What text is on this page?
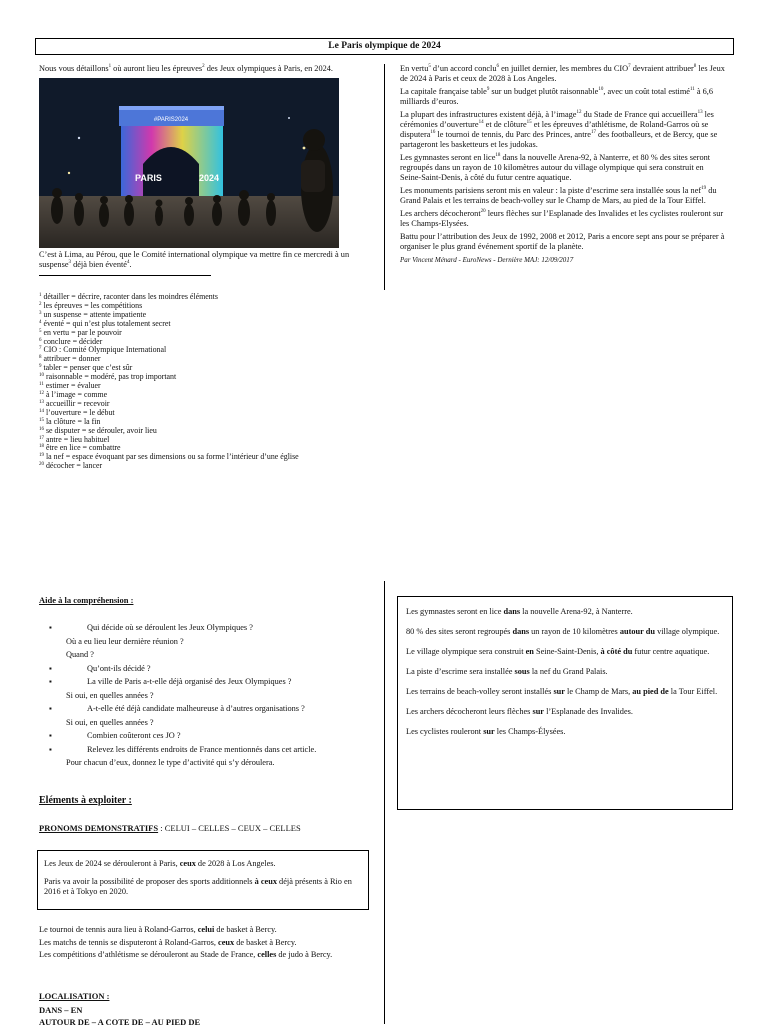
Le Paris olympique de 2024
Nous vous détaillons$^1$ où auront lieu les épreuves$^2$ des Jeux olympiques à Paris, en 2024.
#PARIS2024
PARIS	2024
C’est à Lima, au Pérou, que le Comité international olympique va mettre fin ce mercredi à un suspense$^3$ déjà bien éventé$^4$.
$^1$ détailler = décrire, raconter dans les moindres éléments
$^2$ les épreuves = les compétitions
$^3$ un suspense = attente impatiente
$^4$ éventé = qui n’est plus totalement secret
$^5$ en vertu = par le pouvoir
$^6$ conclure = décider
$^7$ CIO : Comité Olympique International
$^8$ attribuer = donner
$^9$ tabler = penser que c’est sûr
$^{10}$ raisonnable = modéré, pas trop important
$^{11}$ estimer = évaluer
$^{12}$ à l’image = comme
$^{13}$ accueillir = recevoir
$^{14}$ l’ouverture = le début
$^{15}$ la clôture = la fin
$^{16}$ se disputer = se dérouler, avoir lieu
$^{17}$ antre = lieu habituel
$^{18}$ être en lice = combattre
$^{19}$ la nef = espace évoquant par ses dimensions ou sa forme l’intérieur d’une église
$^{20}$ décocher = lancer

En vertu$^5$ d’un accord conclu$^6$ en juillet dernier, les membres du CIO$^7$ devraient attribuer$^8$ les Jeux de 2024 à Paris et ceux de 2028 à Los Angeles.

La capitale française table$^9$ sur un budget plutôt raisonnable$^{10}$, avec un coût total estimé$^{11}$ à 6,6 milliards d’euros.

La plupart des infrastructures existent déjà, à l’image$^{12}$ du Stade de France qui accueillera$^{13}$ les cérémonies d’ouverture$^{14}$ et de clôture$^{15}$ et les épreuves d’athlétisme, de Roland-Garros où se disputera$^{16}$ le tournoi de tennis, du Parc des Princes, antre$^{17}$ des footballeurs, et de Bercy, que se partageront les basketteurs et les judokas.

Les gymnastes seront en lice$^{18}$ dans la nouvelle Arena-92, à Nanterre, et 80 % des sites seront regroupés dans un rayon de 10 kilomètres autour du village olympique qui sera construit en Seine-Saint-Denis, à côté du futur centre aquatique.

Les monuments parisiens seront mis en valeur : la piste d’escrime sera installée sous la nef$^{19}$ du Grand Palais et les terrains de beach-volley sur le Champ de Mars, au pied de la Tour Eiffel.

Les archers décocheront$^{20}$ leurs flèches sur l’Esplanade des Invalides et les cyclistes rouleront sur les Champs-Elysées.

Battu pour l’attribution des Jeux de 1992, 2008 et 2012, Paris a encore sept ans pour se préparer à organiser le plus grand événement sportif de la planète.

Par Vincent Ménard - EuroNews - Dernière MAJ: 12/09/2017
Aide à la compréhension :
▪	Qui décide où se déroulent les Jeux Olympiques ?
Où a eu lieu leur dernière réunion ?
Quand ?
▪	Qu’ont-ils décidé ?
▪	La ville de Paris a-t-elle déjà organisé des Jeux Olympiques ?
Si oui, en quelles années ?
▪	A-t-elle été déjà candidate malheureuse à d’autres organisations ?
Si oui, en quelles années ?
▪	Combien coûteront ces JO ?
▪	Relevez les différents endroits de France mentionnés dans cet article.
Pour chacun d’eux, donnez le type d’activité qui s’y déroulera.
Eléments à exploiter :
PRONOMS DEMONSTRATIFS : CELUI – CELLES – CEUX – CELLES

Les Jeux de 2024 se dérouleront à Paris, ceux de 2028 à Los Angeles.

Paris va avoir la possibilité de proposer des sports additionnels à ceux déjà présents à Rio en 2016 et à Tokyo en 2020.

Le tournoi de tennis aura lieu à Roland-Garros, celui de basket à Bercy.
Les matchs de tennis se disputeront à Roland-Garros, ceux de basket à Bercy.
Les compétitions d’athlétisme se dérouleront au Stade de France, celles de judo à Bercy.
LOCALISATION :
DANS – EN
AUTOUR DE – A COTE DE – AU PIED DE

Les gymnastes seront en lice dans la nouvelle Arena-92, à Nanterre.

80 % des sites seront regroupés dans un rayon de 10 kilomètres autour du village olympique.

Le village olympique sera construit en Seine-Saint-Denis, à côté du futur centre aquatique.

La piste d’escrime sera installée sous la nef du Grand Palais.

Les terrains de beach-volley seront installés sur le Champ de Mars, au pied de la Tour Eiffel.

Les archers décocheront leurs flèches sur l’Esplanade des Invalides.

Les cyclistes rouleront sur les Champs-Élysées.
